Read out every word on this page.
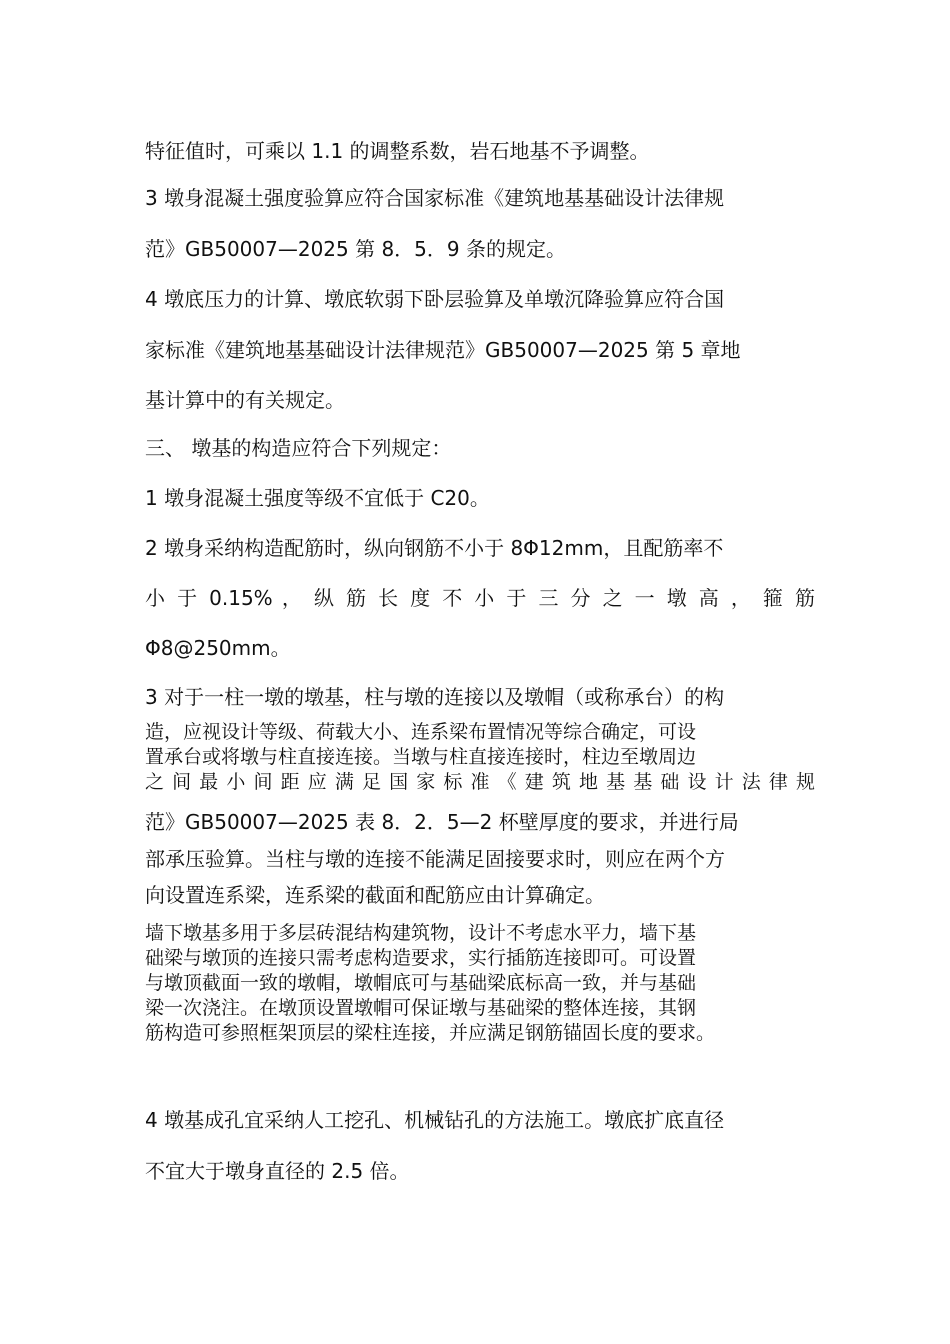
特征值时，可乘以 1.1 的调整系数，岩石地基不予调整。
3 墩身混凝土强度验算应符合国家标准《建筑地基基础设计法律规
范》GB50007—2025 第 8．5．9 条的规定。
4 墩底压力的计算、墩底软弱下卧层验算及单墩沉降验算应符合国
家标准《建筑地基基础设计法律规范》GB50007—2025 第 5 章地
基计算中的有关规定。
三、 墩基的构造应符合下列规定：
1 墩身混凝土强度等级不宜低于 C20。
2 墩身采纳构造配筋时，纵向钢筋不小于 8Φ12mm，且配筋率不
小 于 0.15% ， 纵 筋 长 度 不 小 于 三 分 之 一 墩 高 ， 箍 筋
Φ8@250mm。
3 对于一柱一墩的墩基，柱与墩的连接以及墩帽（或称承台）的构
造，应视设计等级、荷载大小、连系梁布置情况等综合确定，可设
置承台或将墩与柱直接连接。当墩与柱直接连接时，柱边至墩周边
之间最小间距应满足国家标准《建筑地基基础设计法律规
范》GB50007—2025 表 8．2．5—2 杯壁厚度的要求，并进行局
部承压验算。当柱与墩的连接不能满足固接要求时，则应在两个方
向设置连系梁，连系梁的截面和配筋应由计算确定。
墙下墩基多用于多层砖混结构建筑物，设计不考虑水平力，墙下基
础梁与墩顶的连接只需考虑构造要求，实行插筋连接即可。可设置
与墩顶截面一致的墩帽，墩帽底可与基础梁底标高一致，并与基础
梁一次浇注。在墩顶设置墩帽可保证墩与基础梁的整体连接，其钢
筋构造可参照框架顶层的梁柱连接，并应满足钢筋锚固长度的要求。
4 墩基成孔宜采纳人工挖孔、机械钻孔的方法施工。墩底扩底直径
不宜大于墩身直径的 2.5 倍。
